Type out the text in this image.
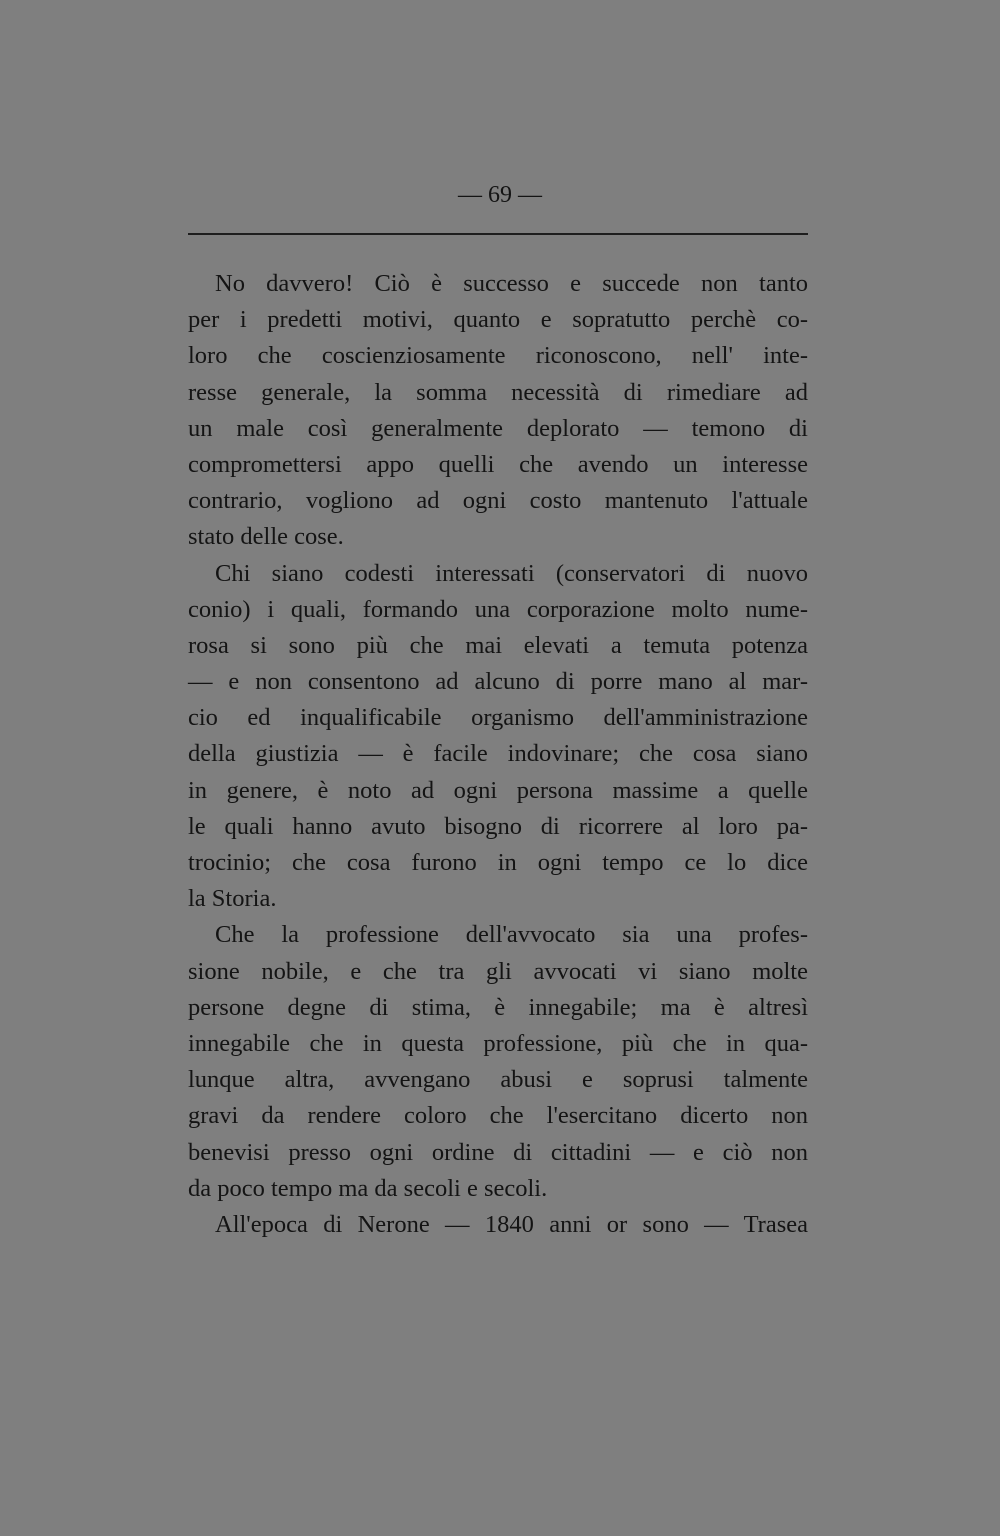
— 69 —
No davvero! Ciò è successo e succede non tanto
per i predetti motivi, quanto e sopratutto perchè co-
loro che coscienziosamente riconoscono, nell' inte-
resse generale, la somma necessità di rimediare ad
un male così generalmente deplorato — temono di
compromettersi appo quelli che avendo un interesse
contrario, vogliono ad ogni costo mantenuto l'attuale
stato delle cose.
Chi siano codesti interessati (conservatori di nuovo
conio) i quali, formando una corporazione molto nume-
rosa si sono più che mai elevati a temuta potenza
— e non consentono ad alcuno di porre mano al mar-
cio ed inqualificabile organismo dell'amministrazione
della giustizia — è facile indovinare; che cosa siano
in genere, è noto ad ogni persona massime a quelle
le quali hanno avuto bisogno di ricorrere al loro pa-
trocinio; che cosa furono in ogni tempo ce lo dice
la Storia.
Che la professione dell'avvocato sia una profes-
sione nobile, e che tra gli avvocati vi siano molte
persone degne di stima, è innegabile; ma è altresì
innegabile che in questa professione, più che in qua-
lunque altra, avvengano abusi e soprusi talmente
gravi da rendere coloro che l'esercitano dicerto non
benevisi presso ogni ordine di cittadini — e ciò non
da poco tempo ma da secoli e secoli.
All'epoca di Nerone — 1840 anni or sono — Trasea
